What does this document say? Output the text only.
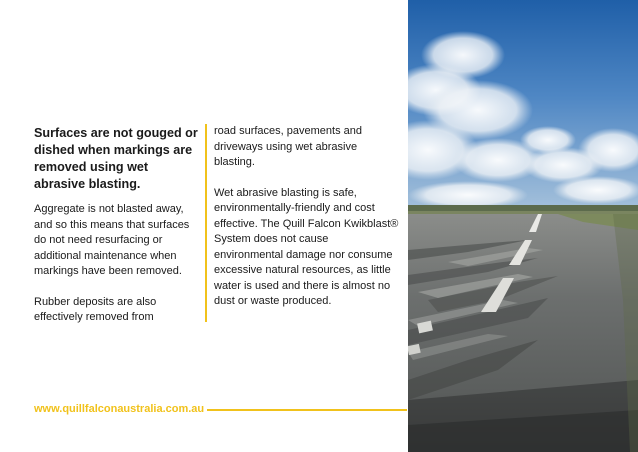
Surfaces are not gouged or dished when markings are removed using wet abrasive blasting.

Aggregate is not blasted away, and so this means that surfaces do not need resurfacing or additional maintenance when markings have been removed.

Rubber deposits are also effectively removed from

road surfaces, pavements and driveways using wet abrasive blasting.

Wet abrasive blasting is safe, environmentally-friendly and cost effective. The Quill Falcon Kwikblast® System does not cause environmental damage nor consume excessive natural resources, as little water is used and there is almost no dust or waste produced.

www.quillfalconaustralia.com.au
